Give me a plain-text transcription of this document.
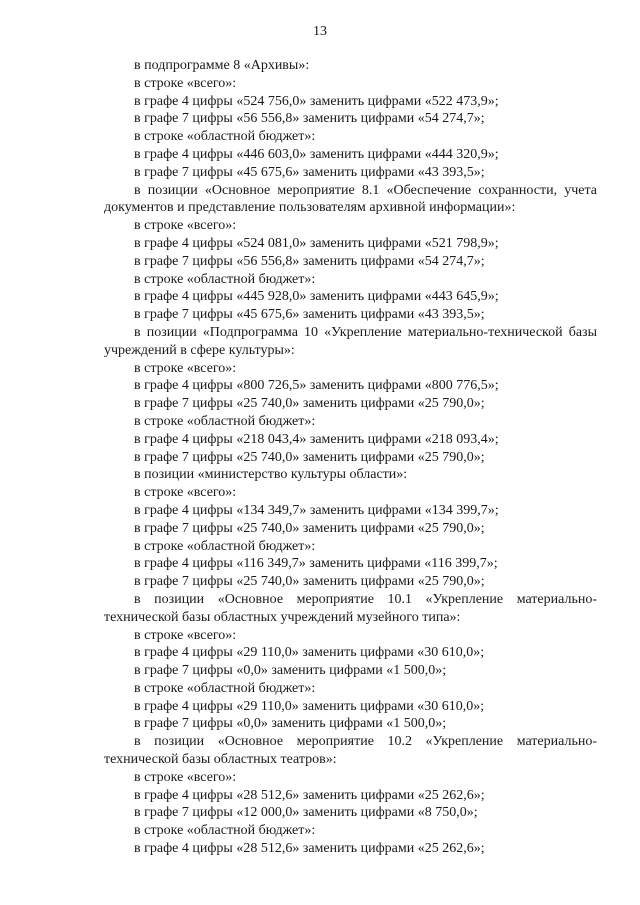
13
в подпрограмме 8 «Архивы»:
в строке «всего»:
в графе 4 цифры «524 756,0» заменить цифрами «522 473,9»;
в графе 7 цифры «56 556,8» заменить цифрами «54 274,7»;
в строке «областной бюджет»:
в графе 4 цифры «446 603,0» заменить цифрами «444 320,9»;
в графе 7 цифры «45 675,6» заменить цифрами «43 393,5»;
в позиции «Основное мероприятие 8.1 «Обеспечение сохранности, учета документов и представление пользователям архивной информации»:
в строке «всего»:
в графе 4 цифры «524 081,0» заменить цифрами «521 798,9»;
в графе 7 цифры «56 556,8» заменить цифрами «54 274,7»;
в строке «областной бюджет»:
в графе 4 цифры «445 928,0» заменить цифрами «443 645,9»;
в графе 7 цифры «45 675,6» заменить цифрами «43 393,5»;
в позиции «Подпрограмма 10 «Укрепление материально-технической базы учреждений в сфере культуры»:
в строке «всего»:
в графе 4 цифры «800 726,5» заменить цифрами «800 776,5»;
в графе 7 цифры «25 740,0» заменить цифрами «25 790,0»;
в строке «областной бюджет»:
в графе 4 цифры «218 043,4» заменить цифрами «218 093,4»;
в графе 7 цифры «25 740,0» заменить цифрами «25 790,0»;
в позиции «министерство культуры области»:
в строке «всего»:
в графе 4 цифры «134 349,7» заменить цифрами «134 399,7»;
в графе 7 цифры «25 740,0» заменить цифрами «25 790,0»;
в строке «областной бюджет»:
в графе 4 цифры «116 349,7» заменить цифрами «116 399,7»;
в графе 7 цифры «25 740,0» заменить цифрами «25 790,0»;
в позиции «Основное мероприятие 10.1 «Укрепление материально-технической базы областных учреждений музейного типа»:
в строке «всего»:
в графе 4 цифры «29 110,0» заменить цифрами «30 610,0»;
в графе 7 цифры «0,0» заменить цифрами «1 500,0»;
в строке «областной бюджет»:
в графе 4 цифры «29 110,0» заменить цифрами «30 610,0»;
в графе 7 цифры «0,0» заменить цифрами «1 500,0»;
в позиции «Основное мероприятие 10.2 «Укрепление материально-технической базы областных театров»:
в строке «всего»:
в графе 4 цифры «28 512,6» заменить цифрами «25 262,6»;
в графе 7 цифры «12 000,0» заменить цифрами «8 750,0»;
в строке «областной бюджет»:
в графе 4 цифры «28 512,6» заменить цифрами «25 262,6»;
